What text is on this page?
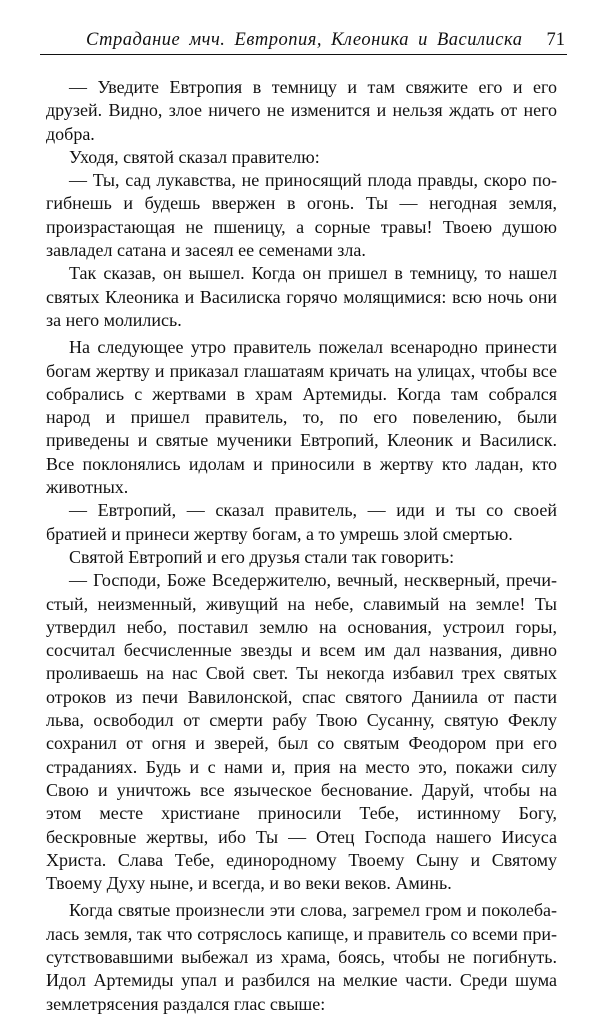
Страдание мчч. Евтропия, Клеоника и Василиска 71

— Уведите Евтропия в темницу и там свяжите его и его друзей. Видно, злое ничего не изменится и нельзя ждать от него добра.

Уходя, святой сказал правителю:

— Ты, сад лукавства, не приносящий плода правды, скоро погибнешь и будешь ввержен в огонь. Ты — негодная земля, произрастающая не пшеницу, а сорные травы! Твоею душою завладел сатана и засеял ее семенами зла.

Так сказав, он вышел. Когда он пришел в темницу, то нашел святых Клеоника и Василиска горячо молящимися: всю ночь они за него молились.

На следующее утро правитель пожелал всенародно принести богам жертву и приказал глашатаям кричать на улицах, чтобы все собрались с жертвами в храм Артемиды. Когда там собрался народ и пришел правитель, то, по его повелению, были приведены и святые мученики Евтропий, Клеоник и Василиск. Все поклонялись идолам и приносили в жертву кто ладан, кто животных.

— Евтропий, — сказал правитель, — иди и ты со своей братией и принеси жертву богам, а то умрешь злой смертью.

Святой Евтропий и его друзья стали так говорить:

— Господи, Боже Вседержителю, вечный, нескверный, пречистый, неизменный, живущий на небе, славимый на земле! Ты утвердил небо, поставил землю на основания, устроил горы, сосчитал бесчисленные звезды и всем им дал названия, дивно проливаешь на нас Свой свет. Ты некогда избавил трех святых отроков из печи Вавилонской, спас святого Даниила от пасти льва, освободил от смерти рабу Твою Сусанну, святую Феклу сохранил от огня и зверей, был со святым Феодором при его страданиях. Будь и с нами и, прия на место это, покажи силу Свою и уничтожь все языческое беснование. Даруй, чтобы на этом месте христиане приносили Тебе, истинному Богу, бескровные жертвы, ибо Ты — Отец Господа нашего Иисуса Христа. Слава Тебе, единородному Твоему Сыну и Святому Твоему Духу ныне, и всегда, и во веки веков. Аминь.

Когда святые произнесли эти слова, загремел гром и поколебалась земля, так что сотряслось капище, и правитель со всеми присутствовавшими выбежал из храма, боясь, чтобы не погибнуть. Идол Артемиды упал и разбился на мелкие части. Среди шума землетрясения раздался глас свыше:
